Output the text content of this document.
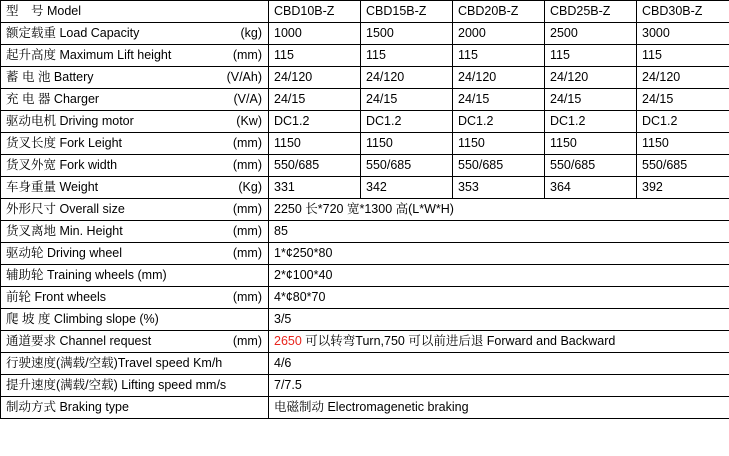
型　号 Model	CBD10B-Z	CBD15B-Z	CBD20B-Z	CBD25B-Z	CBD30B-Z

额定载重 Load Capacity (kg)	1000	1500	2000	2500	3000

起升高度 Maximum Lift height (mm)	115	115	115	115	115

蓄 电 池 Battery (V/Ah)	24/120	24/120	24/120	24/120	24/120

充 电 器 Charger (V/A)	24/15	24/15	24/15	24/15	24/15

驱动电机 Driving motor (Kw)	DC1.2	DC1.2	DC1.2	DC1.2	DC1.2

货叉长度 Fork Leight (mm)	1150	1150	1150	1150	1150

货叉外宽 Fork width (mm)	550/685	550/685	550/685	550/685	550/685

车身重量 Weight (Kg)	331	342	353	364	392

外形尺寸 Overall size (mm)	2250 长*720 宽*1300 高(L*W*H)				

货叉离地 Min. Height (mm)	85				

驱动轮 Driving wheel (mm)	1*¢250*80				

辅助轮 Training wheels (mm)	2*¢100*40				

前轮 Front wheels (mm)	4*¢80*70				

爬 坡 度 Climbing slope (%)	3/5				

通道要求 Channel request (mm)	2650 可以转弯Turn,750 可以前进后退 Forward and Backward				

行驶速度(满载/空载)Travel speed Km/h	4/6				

提升速度(满载/空载) Lifting speed mm/s	7/7.5				

制动方式 Braking type	电磁制动 Electromagenetic braking				
